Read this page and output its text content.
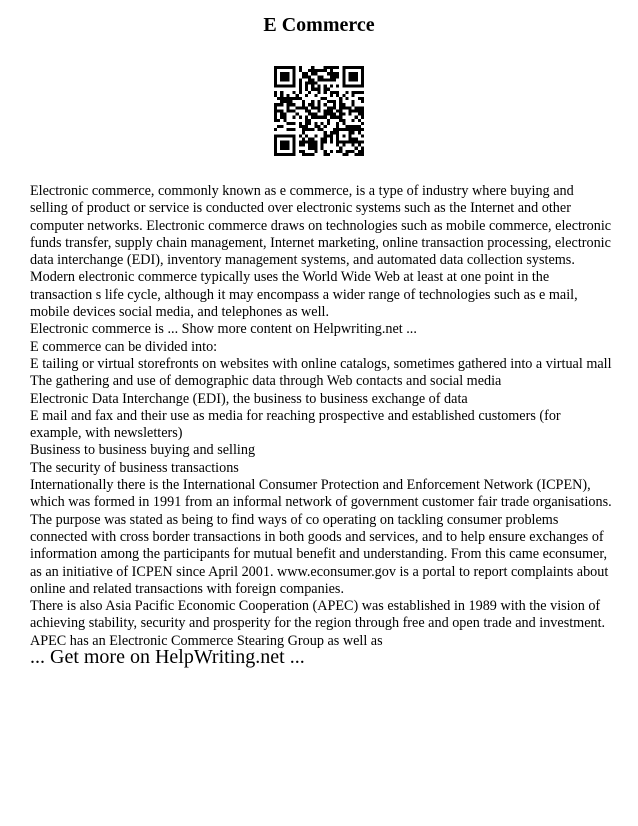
E Commerce

Electronic commerce, commonly known as e commerce, is a type of industry where buying and selling of product or service is conducted over electronic systems such as the Internet and other computer networks. Electronic commerce draws on technologies such as mobile commerce, electronic funds transfer, supply chain management, Internet marketing, online transaction processing, electronic data interchange (EDI), inventory management systems, and automated data collection systems. Modern electronic commerce typically uses the World Wide Web at least at one point in the transaction s life cycle, although it may encompass a wider range of technologies such as e mail, mobile devices social media, and telephones as well.

Electronic commerce is ... Show more content on Helpwriting.net ...

E commerce can be divided into:

E tailing or virtual storefronts on websites with online catalogs, sometimes gathered into a virtual mall

The gathering and use of demographic data through Web contacts and social media

Electronic Data Interchange (EDI), the business to business exchange of data

E mail and fax and their use as media for reaching prospective and established customers (for example, with newsletters)

Business to business buying and selling

The security of business transactions

Internationally there is the International Consumer Protection and Enforcement Network (ICPEN), which was formed in 1991 from an informal network of government customer fair trade organisations. The purpose was stated as being to find ways of co operating on tackling consumer problems connected with cross border transactions in both goods and services, and to help ensure exchanges of information among the participants for mutual benefit and understanding. From this came econsumer, as an initiative of ICPEN since April 2001. www.econsumer.gov is a portal to report complaints about online and related transactions with foreign companies.

There is also Asia Pacific Economic Cooperation (APEC) was established in 1989 with the vision of achieving stability, security and prosperity for the region through free and open trade and investment. APEC has an Electronic Commerce Stearing Group as well as

... Get more on HelpWriting.net ...
